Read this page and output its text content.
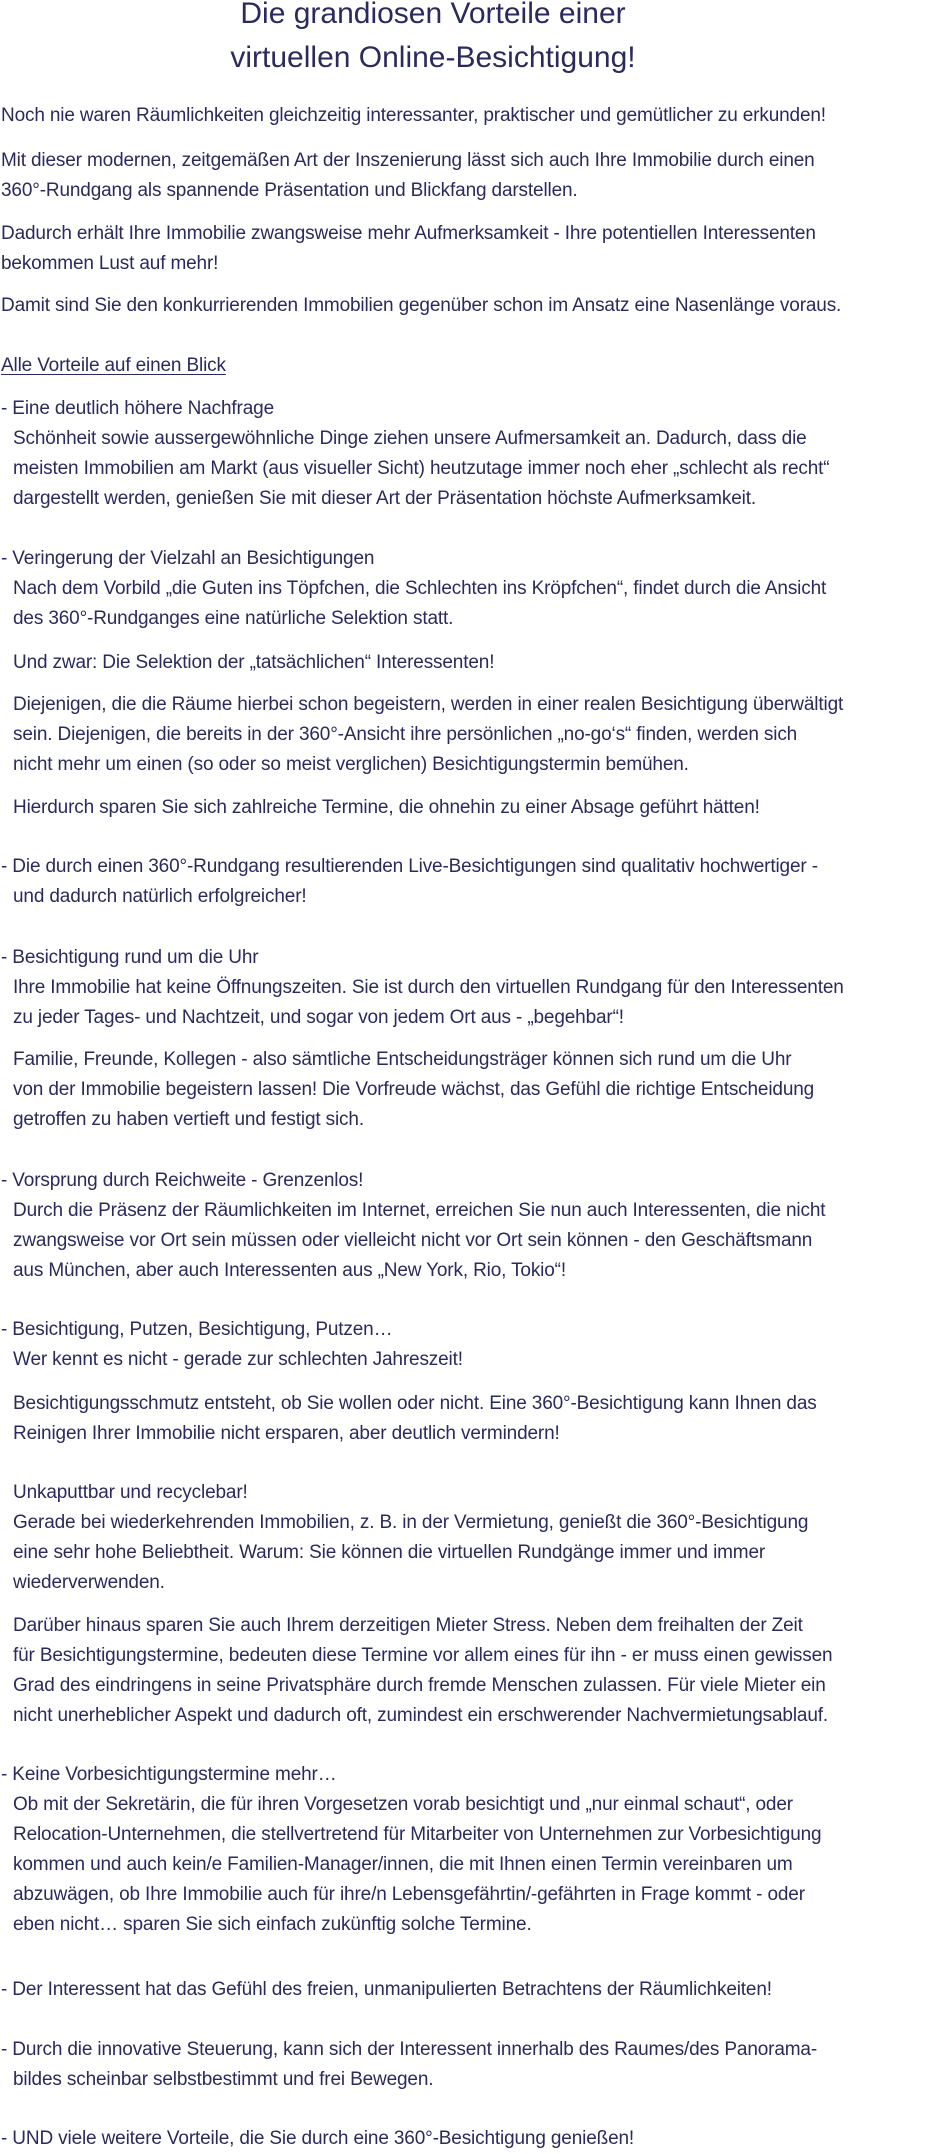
Die grandiosen Vorteile einer
virtuellen Online-Besichtigung!
Noch nie waren Räumlichkeiten gleichzeitig interessanter, praktischer und gemütlicher zu erkunden!
Mit dieser modernen, zeitgemäßen Art der Inszenierung lässt sich auch Ihre Immobilie durch einen
360°-Rundgang als spannende Präsentation und Blickfang darstellen.
Dadurch erhält Ihre Immobilie zwangsweise mehr Aufmerksamkeit - Ihre potentiellen Interessenten
bekommen Lust auf mehr!
Damit sind Sie den konkurrierenden Immobilien gegenüber schon im Ansatz eine Nasenlänge voraus.
Alle Vorteile auf einen Blick
- Eine deutlich höhere Nachfrage
Schönheit sowie aussergewöhnliche Dinge ziehen unsere Aufmersamkeit an. Dadurch, dass die
meisten Immobilien am Markt (aus visueller Sicht) heutzutage immer noch eher „schlecht als recht“
dargestellt werden, genießen Sie mit dieser Art der Präsentation höchste Aufmerksamkeit.
- Veringerung der Vielzahl an Besichtigungen
Nach dem Vorbild „die Guten ins Töpfchen, die Schlechten ins Kröpfchen“, findet durch die Ansicht
des 360°-Rundganges eine natürliche Selektion statt.
Und zwar: Die Selektion der „tatsächlichen“ Interessenten!
Diejenigen, die die Räume hierbei schon begeistern, werden in einer realen Besichtigung überwältigt
sein. Diejenigen, die bereits in der 360°-Ansicht ihre persönlichen „no-go‘s“ finden, werden sich
nicht mehr um einen (so oder so meist verglichen) Besichtigungstermin bemühen.
Hierdurch sparen Sie sich zahlreiche Termine, die ohnehin zu einer Absage geführt hätten!
- Die durch einen 360°-Rundgang resultierenden Live-Besichtigungen sind qualitativ hochwertiger -
und dadurch natürlich erfolgreicher!
- Besichtigung rund um die Uhr
Ihre Immobilie hat keine Öffnungszeiten. Sie ist durch den virtuellen Rundgang für den Interessenten
zu jeder Tages- und Nachtzeit, und sogar von jedem Ort aus - „begehbar“!
Familie, Freunde, Kollegen - also sämtliche Entscheidungsträger können sich rund um die Uhr
von der Immobilie begeistern lassen! Die Vorfreude wächst, das Gefühl die richtige Entscheidung
getroffen zu haben vertieft und festigt sich.
- Vorsprung durch Reichweite - Grenzenlos!
Durch die Präsenz der Räumlichkeiten im Internet, erreichen Sie nun auch Interessenten, die nicht
zwangsweise vor Ort sein müssen oder vielleicht nicht vor Ort sein können - den Geschäftsmann
aus München, aber auch Interessenten aus „New York, Rio, Tokio“!
- Besichtigung, Putzen, Besichtigung, Putzen…
Wer kennt es nicht - gerade zur schlechten Jahreszeit!
Besichtigungsschmutz entsteht, ob Sie wollen oder nicht. Eine 360°-Besichtigung kann Ihnen das
Reinigen Ihrer Immobilie nicht ersparen, aber deutlich vermindern!
Unkaputtbar und recyclebar!
Gerade bei wiederkehrenden Immobilien, z. B. in der Vermietung, genießt die 360°-Besichtigung
eine sehr hohe Beliebtheit. Warum: Sie können die virtuellen Rundgänge immer und immer
wiederverwenden.
Darüber hinaus sparen Sie auch Ihrem derzeitigen Mieter Stress. Neben dem freihalten der Zeit
für Besichtigungstermine, bedeuten diese Termine vor allem eines für ihn - er muss einen gewissen
Grad des eindringens in seine Privatsphäre durch fremde Menschen zulassen. Für viele Mieter ein
nicht unerheblicher Aspekt und dadurch oft, zumindest ein erschwerender Nachvermietungsablauf.
- Keine Vorbesichtigungstermine mehr…
Ob mit der Sekretärin, die für ihren Vorgesetzen vorab besichtigt und „nur einmal schaut“, oder
Relocation-Unternehmen, die stellvertretend für Mitarbeiter von Unternehmen zur Vorbesichtigung
kommen und auch kein/e Familien-Manager/innen, die mit Ihnen einen Termin vereinbaren um
abzuwägen, ob Ihre Immobilie auch für ihre/n Lebensgefährtin/-gefährten in Frage kommt - oder
eben nicht… sparen Sie sich einfach zukünftig solche Termine.
- Der Interessent hat das Gefühl des freien, unmanipulierten Betrachtens der Räumlichkeiten!
- Durch die innovative Steuerung, kann sich der Interessent innerhalb des Raumes/des Panorama-
bildes scheinbar selbstbestimmt und frei Bewegen.
- UND viele weitere Vorteile, die Sie durch eine 360°-Besichtigung genießen!
